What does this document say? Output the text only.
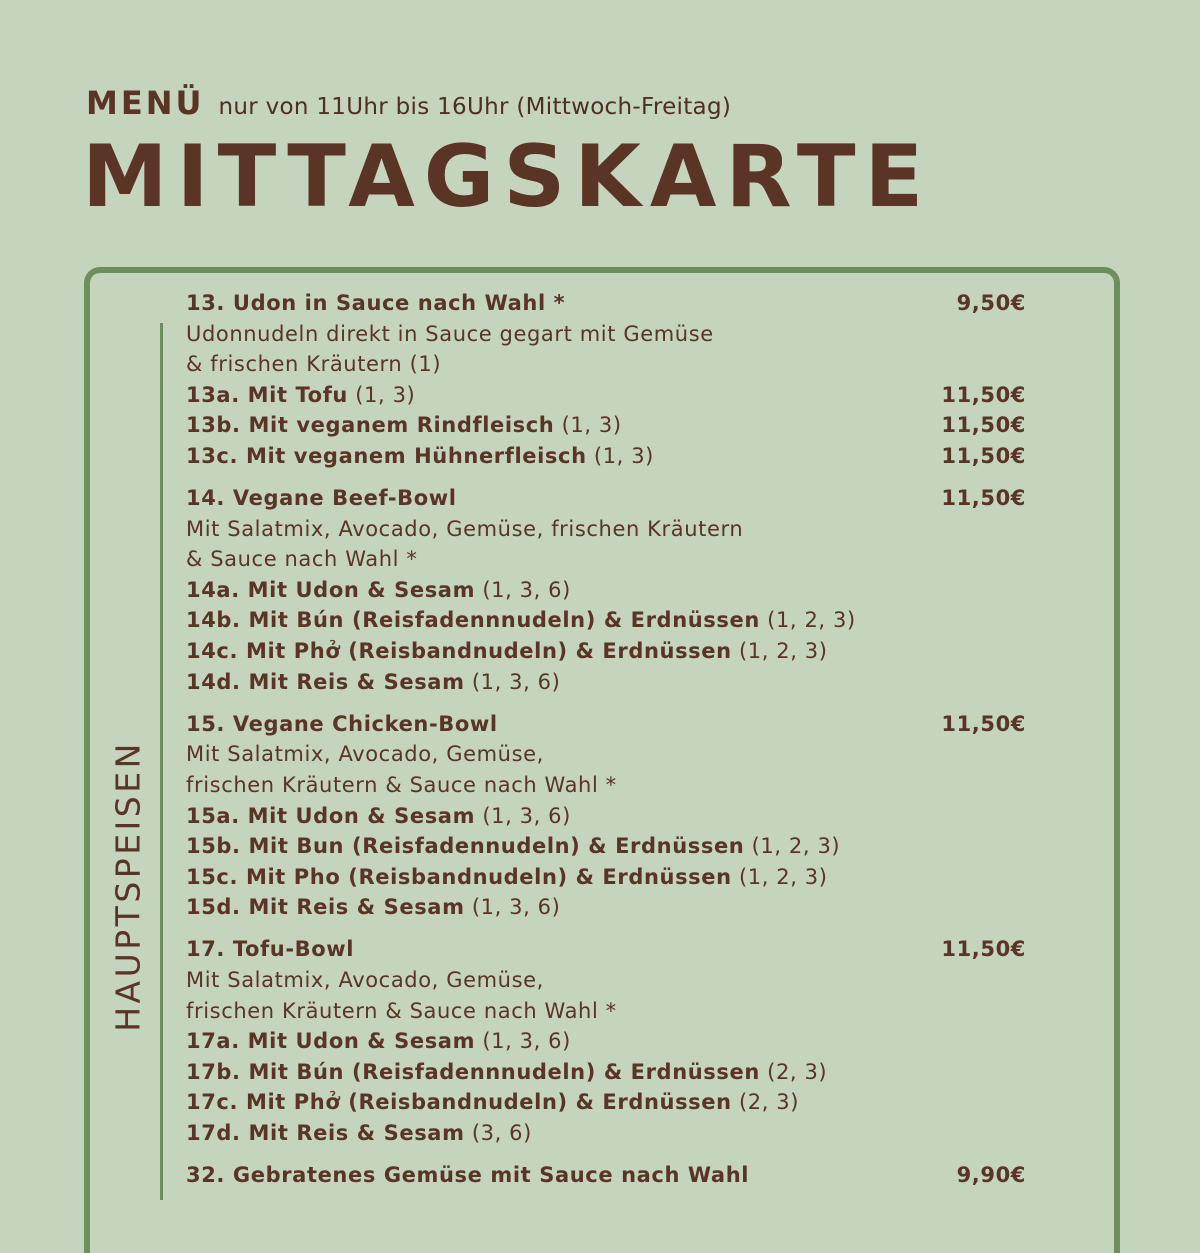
MENÜ nur von 11Uhr bis 16Uhr (Mittwoch-Freitag)
MITTAGSKARTE
HAUPTSPEISEN
13. Udon in Sauce nach Wahl *	9,50€
Udonnudeln direkt in Sauce gegart mit Gemüse
& frischen Kräutern (1)
13a. Mit Tofu (1, 3)	11,50€
13b. Mit veganem Rindfleisch (1, 3)	11,50€
13c. Mit veganem Hühnerfleisch (1, 3)	11,50€
14. Vegane Beef-Bowl	11,50€
Mit Salatmix, Avocado, Gemüse, frischen Kräutern
& Sauce nach Wahl *
14a. Mit Udon & Sesam (1, 3, 6)
14b. Mit Bún (Reisfadennnudeln) & Erdnüssen (1, 2, 3)
14c. Mit Phở (Reisbandnudeln) & Erdnüssen (1, 2, 3)
14d. Mit Reis & Sesam (1, 3, 6)
15. Vegane Chicken-Bowl	11,50€
Mit Salatmix, Avocado, Gemüse,
frischen Kräutern & Sauce nach Wahl *
15a. Mit Udon & Sesam (1, 3, 6)
15b. Mit Bun (Reisfadennudeln) & Erdnüssen (1, 2, 3)
15c. Mit Pho (Reisbandnudeln) & Erdnüssen (1, 2, 3)
15d. Mit Reis & Sesam (1, 3, 6)
17. Tofu-Bowl	11,50€
Mit Salatmix, Avocado, Gemüse,
frischen Kräutern & Sauce nach Wahl *
17a. Mit Udon & Sesam (1, 3, 6)
17b. Mit Bún (Reisfadennnudeln) & Erdnüssen (2, 3)
17c. Mit Phở (Reisbandnudeln) & Erdnüssen (2, 3)
17d. Mit Reis & Sesam (3, 6)
32. Gebratenes Gemüse mit Sauce nach Wahl	9,90€
